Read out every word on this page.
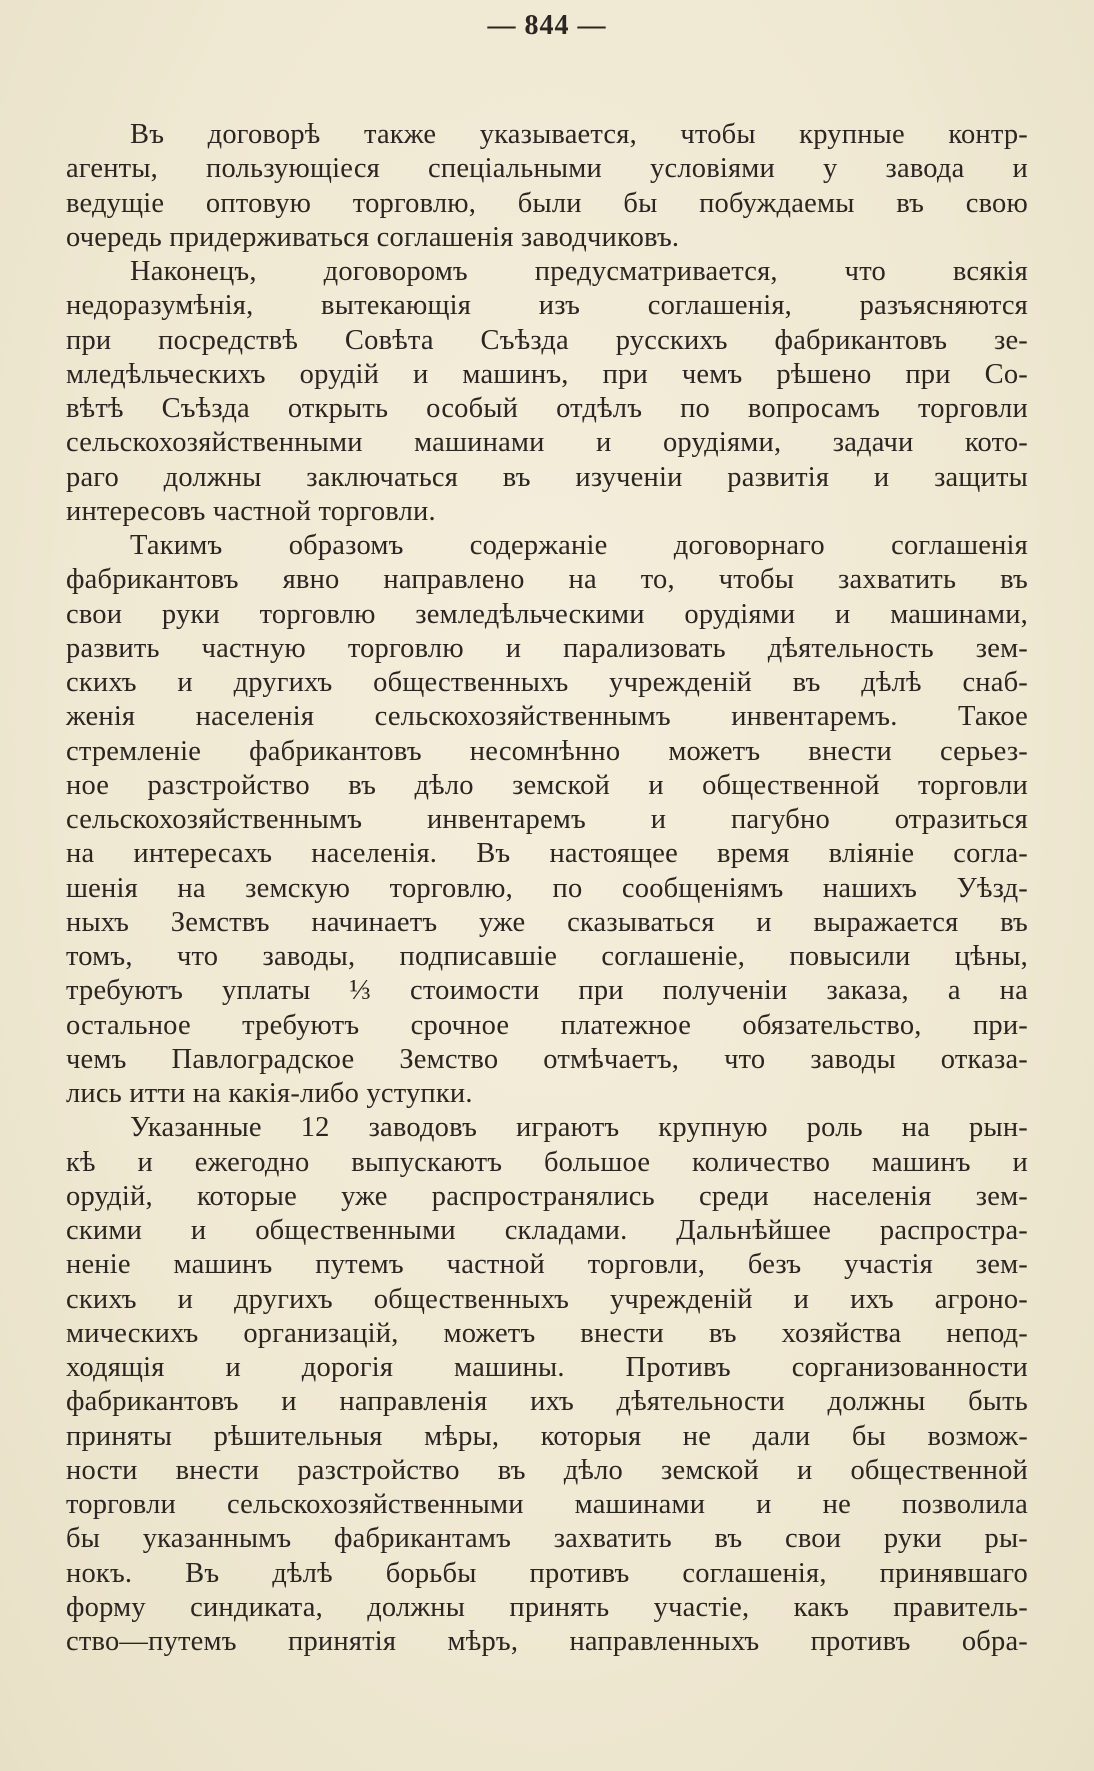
— 844 —
Въ договорѣ также указывается, чтобы крупные контр-
агенты, пользующіеся спеціальными условіями у завода и
ведущіе оптовую торговлю, были бы побуждаемы въ свою
очередь придерживаться соглашенія заводчиковъ.
Наконецъ, договоромъ предусматривается, что всякія
недоразумѣнія, вытекающія изъ соглашенія, разъясняются
при посредствѣ Совѣта Съѣзда русскихъ фабрикантовъ зе-
мледѣльческихъ орудій и машинъ, при чемъ рѣшено при Со-
вѣтѣ Съѣзда открыть особый отдѣлъ по вопросамъ торговли
сельскохозяйственными машинами и орудіями, задачи кото-
раго должны заключаться въ изученіи развитія и защиты
интересовъ частной торговли.
Такимъ образомъ содержаніе договорнаго соглашенія
фабрикантовъ явно направлено на то, чтобы захватить въ
свои руки торговлю земледѣльческими орудіями и машинами,
развить частную торговлю и парализовать дѣятельность зем-
скихъ и другихъ общественныхъ учрежденій въ дѣлѣ снаб-
женія населенія сельскохозяйственнымъ инвентаремъ. Такое
стремленіе фабрикантовъ несомнѣнно можетъ внести серьез-
ное разстройство въ дѣло земской и общественной торговли
сельскохозяйственнымъ инвентаремъ и пагубно отразиться
на интересахъ населенія. Въ настоящее время вліяніе согла-
шенія на земскую торговлю, по сообщеніямъ нашихъ Уѣзд-
ныхъ Земствъ начинаетъ уже сказываться и выражается въ
томъ, что заводы, подписавшіе соглашеніе, повысили цѣны,
требуютъ уплаты ⅓ стоимости при полученіи заказа, а на
остальное требуютъ срочное платежное обязательство, при-
чемъ Павлоградское Земство отмѣчаетъ, что заводы отказа-
лись итти на какія-либо уступки.
Указанные 12 заводовъ играютъ крупную роль на рын-
кѣ и ежегодно выпускаютъ большое количество машинъ и
орудій, которые уже распространялись среди населенія зем-
скими и общественными складами. Дальнѣйшее распростра-
неніе машинъ путемъ частной торговли, безъ участія зем-
скихъ и другихъ общественныхъ учрежденій и ихъ агроно-
мическихъ организацій, можетъ внести въ хозяйства непод-
ходящія и дорогія машины. Противъ сорганизованности
фабрикантовъ и направленія ихъ дѣятельности должны быть
приняты рѣшительныя мѣры, которыя не дали бы возмож-
ности внести разстройство въ дѣло земской и общественной
торговли сельскохозяйственными машинами и не позволила
бы указаннымъ фабрикантамъ захватить въ свои руки ры-
нокъ. Въ дѣлѣ борьбы противъ соглашенія, принявшаго
форму синдиката, должны принять участіе, какъ правитель-
ство—путемъ принятія мѣръ, направленныхъ противъ обра-
